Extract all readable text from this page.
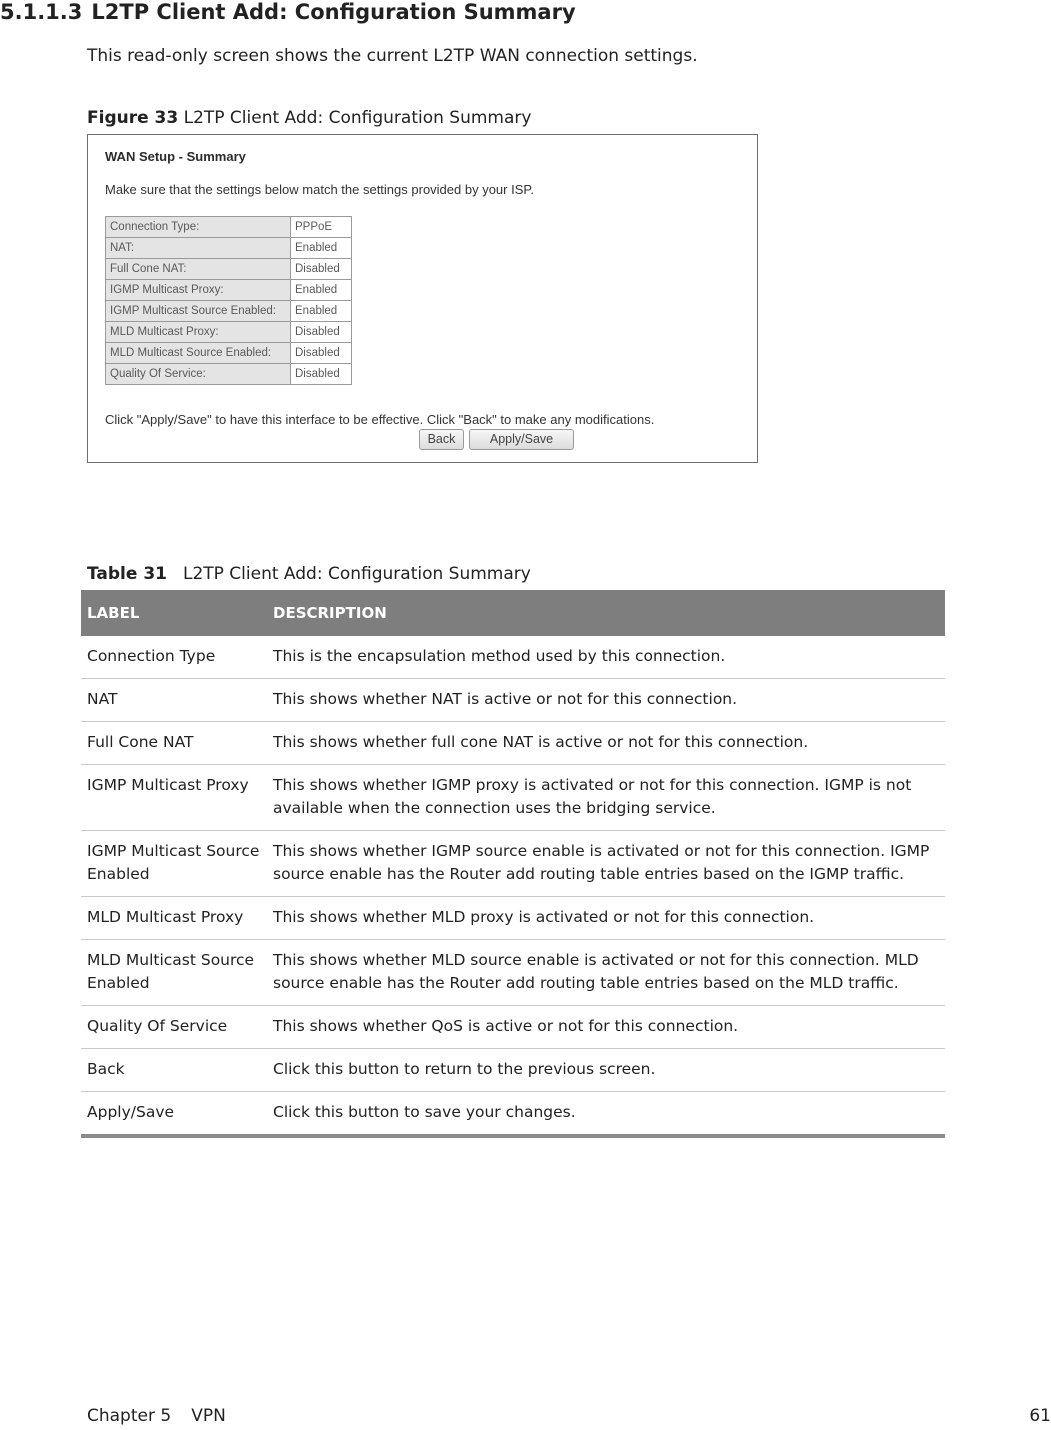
5.1.1.3 L2TP Client Add: Configuration Summary

This read-only screen shows the current L2TP WAN connection settings.

Figure 33 L2TP Client Add: Configuration Summary

WAN Setup - Summary
Make sure that the settings below match the settings provided by your ISP.
Connection Type:	PPPoE
NAT:	Enabled
Full Cone NAT:	Disabled
IGMP Multicast Proxy:	Enabled
IGMP Multicast Source Enabled:	Enabled
MLD Multicast Proxy:	Disabled
MLD Multicast Source Enabled:	Disabled
Quality Of Service:	Disabled
Click "Apply/Save" to have this interface to be effective. Click "Back" to make any modifications.
Back	Apply/Save

Table 31 L2TP Client Add: Configuration Summary

LABEL	DESCRIPTION
Connection Type	This is the encapsulation method used by this connection.
NAT	This shows whether NAT is active or not for this connection.
Full Cone NAT	This shows whether full cone NAT is active or not for this connection.
IGMP Multicast Proxy	This shows whether IGMP proxy is activated or not for this connection. IGMP is not available when the connection uses the bridging service.
IGMP Multicast Source Enabled	This shows whether IGMP source enable is activated or not for this connection. IGMP source enable has the Router add routing table entries based on the IGMP traffic.
MLD Multicast Proxy	This shows whether MLD proxy is activated or not for this connection.
MLD Multicast Source Enabled	This shows whether MLD source enable is activated or not for this connection. MLD source enable has the Router add routing table entries based on the MLD traffic.
Quality Of Service	This shows whether QoS is active or not for this connection.
Back	Click this button to return to the previous screen.
Apply/Save	Click this button to save your changes.
Chapter 5 VPN	61
